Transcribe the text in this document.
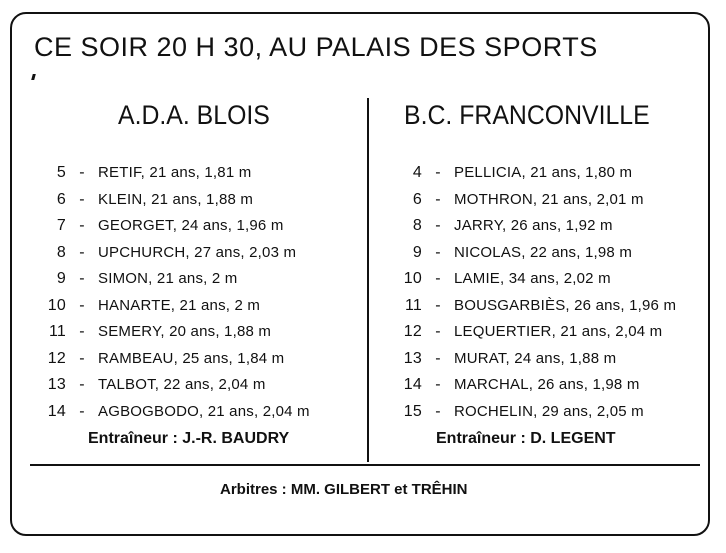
CE SOIR 20 H 30, AU PALAIS DES SPORTS
A.D.A. BLOIS	B.C. FRANCONVILLE
5 - RETIF, 21 ans, 1,81 m
6 - KLEIN, 21 ans, 1,88 m
7 - GEORGET, 24 ans, 1,96 m
8 - UPCHURCH, 27 ans, 2,03 m
9 - SIMON, 21 ans, 2 m
10 - HANARTE, 21 ans, 2 m
11 - SEMERY, 20 ans, 1,88 m
12 - RAMBEAU, 25 ans, 1,84 m
13 - TALBOT, 22 ans, 2,04 m
14 - AGBOGBODO, 21 ans, 2,04 m
4 - PELLICIA, 21 ans, 1,80 m
6 - MOTHRON, 21 ans, 2,01 m
8 - JARRY, 26 ans, 1,92 m
9 - NICOLAS, 22 ans, 1,98 m
10 - LAMIE, 34 ans, 2,02 m
11 - BOUSGARBIÈS, 26 ans, 1,96 m
12 - LEQUERTIER, 21 ans, 2,04 m
13 - MURAT, 24 ans, 1,88 m
14 - MARCHAL, 26 ans, 1,98 m
15 - ROCHELIN, 29 ans, 2,05 m
Entraîneur : J.-R. BAUDRY	Entraîneur : D. LEGENT
Arbitres : MM. GILBERT et TRÊHIN
